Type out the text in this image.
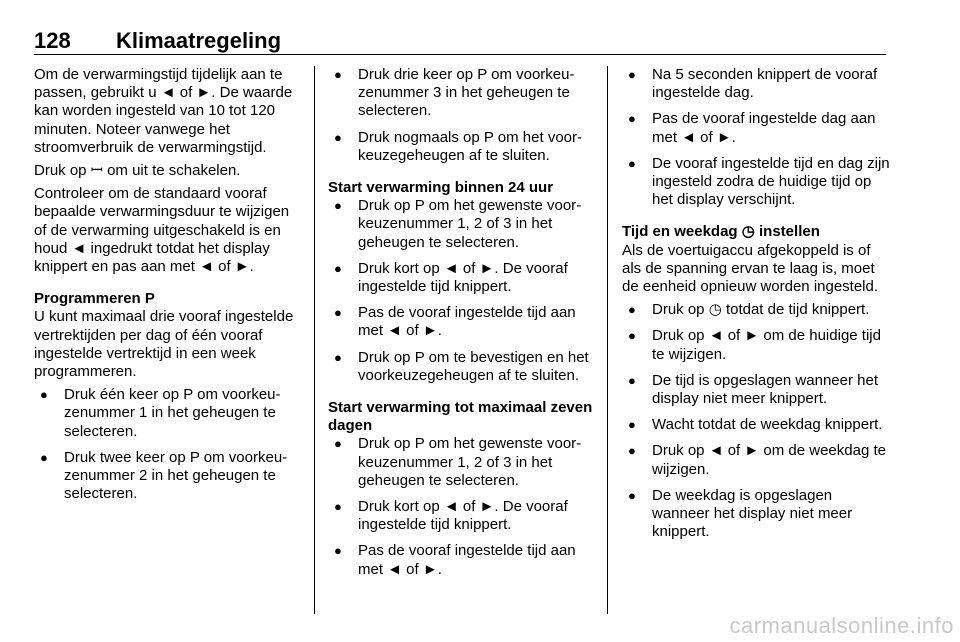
128 Klimaatregeling

Om de verwarmingstijd tijdelijk aan te passen, gebruikt u ◄ of ►. De waarde kan worden ingesteld van 10 tot 120 minuten. Noteer vanwege het stroomverbruik de verwarmingstijd.

Druk op ꟷ om uit te schakelen.

Controleer om de standaard vooraf bepaalde verwarmingsduur te wijzigen of de verwarming uitgeschakeld is en houd ◄ ingedrukt totdat het display knippert en pas aan met ◄ of ►.

Programmeren P

U kunt maximaal drie vooraf ingestelde vertrektijden per dag of één vooraf ingestelde vertrektijd in een week programmeren.

● Druk één keer op P om voorkeuzenummer 1 in het geheugen te selecteren.
● Druk twee keer op P om voorkeuzenummer 2 in het geheugen te selecteren.
● Druk drie keer op P om voorkeuzenummer 3 in het geheugen te selecteren.
● Druk nogmaals op P om het voorkeuzegeheugen af te sluiten.

Start verwarming binnen 24 uur

● Druk op P om het gewenste voorkeuzenummer 1, 2 of 3 in het geheugen te selecteren.
● Druk kort op ◄ of ►. De vooraf ingestelde tijd knippert.
● Pas de vooraf ingestelde tijd aan met ◄ of ►.
● Druk op P om te bevestigen en het voorkeuzegeheugen af te sluiten.

Start verwarming tot maximaal zeven dagen

● Druk op P om het gewenste voorkeuzenummer 1, 2 of 3 in het geheugen te selecteren.
● Druk kort op ◄ of ►. De vooraf ingestelde tijd knippert.
● Pas de vooraf ingestelde tijd aan met ◄ of ►.
● Na 5 seconden knippert de vooraf ingestelde dag.
● Pas de vooraf ingestelde dag aan met ◄ of ►.
● De vooraf ingestelde tijd en dag zijn ingesteld zodra de huidige tijd op het display verschijnt.

Tijd en weekdag ◷ instellen

Als de voertuigaccu afgekoppeld is of als de spanning ervan te laag is, moet de eenheid opnieuw worden ingesteld.

● Druk op ◷ totdat de tijd knippert.
● Druk op ◄ of ► om de huidige tijd te wijzigen.
● De tijd is opgeslagen wanneer het display niet meer knippert.
● Wacht totdat de weekdag knippert.
● Druk op ◄ of ► om de weekdag te wijzigen.
● De weekdag is opgeslagen wanneer het display niet meer knippert.
carmanualsonline.info
